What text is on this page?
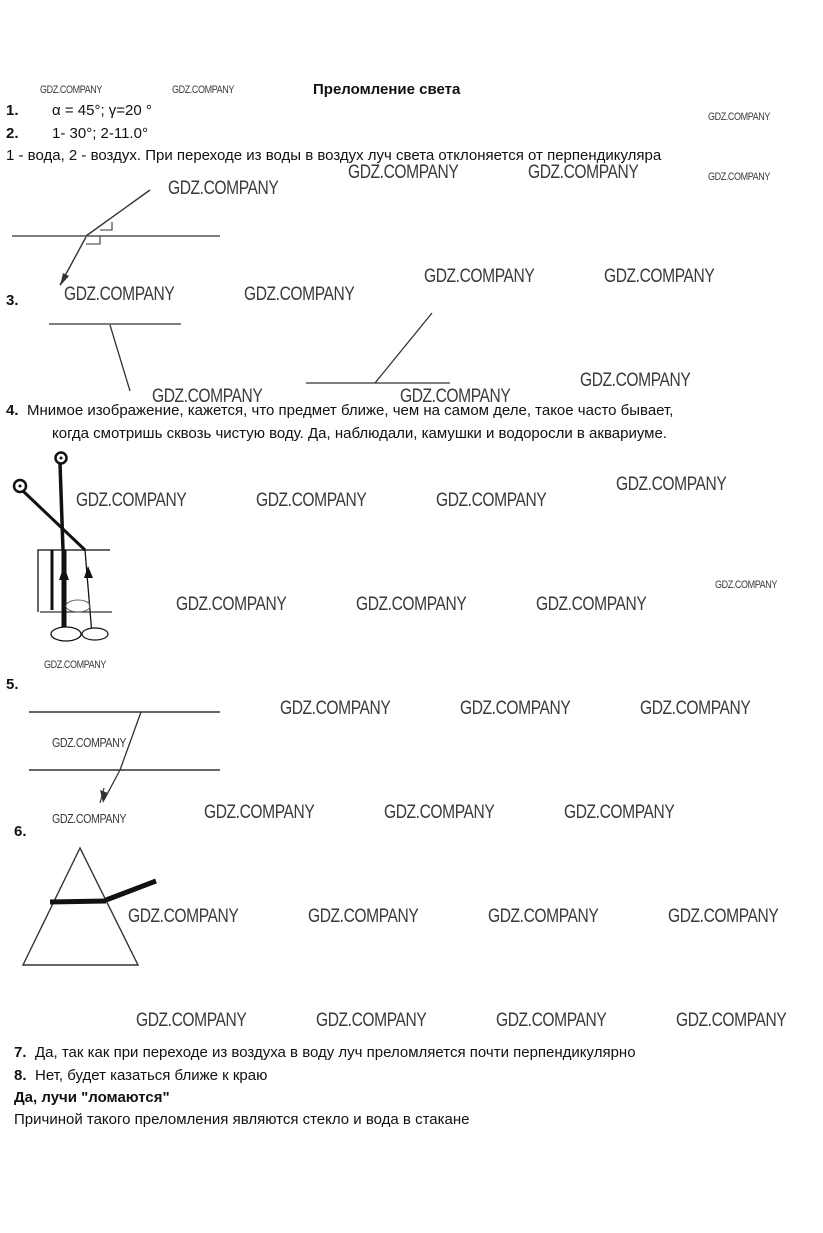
Преломление света
GDZ.COMPANY	GDZ.COMPANY
GDZ.COMPANY
GDZ.COMPANY
GDZ.COMPANY
GDZ.COMPANY	GDZ.COMPANY
GDZ.COMPANY	GDZ.COMPANY
GDZ.COMPANY	GDZ.COMPANY
GDZ.COMPANY	GDZ.COMPANY
GDZ.COMPANY
GDZ.COMPANY	GDZ.COMPANY	GDZ.COMPANY
GDZ.COMPANY
GDZ.COMPANY
GDZ.COMPANY	GDZ.COMPANY	GDZ.COMPANY
GDZ.COMPANY
GDZ.COMPANY	GDZ.COMPANY	GDZ.COMPANY
GDZ.COMPANY
GDZ.COMPANY	GDZ.COMPANY	GDZ.COMPANY
GDZ.COMPANY
GDZ.COMPANY	GDZ.COMPANY	GDZ.COMPANY	GDZ.COMPANY
GDZ.COMPANY	GDZ.COMPANY	GDZ.COMPANY	GDZ.COMPANY
1. α = 45°; γ=20 °
2. 1- 30°; 2-11.0°
1 - вода, 2 - воздух. При переходе из воды в воздух луч света отклоняется от перпендикуляра
3.
4. Мнимое изображение, кажется, что предмет ближе, чем на самом деле, такое часто бывает,
когда смотришь сквозь чистую воду. Да, наблюдали, камушки и водоросли в аквариуме.
5.
6.
7. Да, так как при переходе из воздуха в воду луч преломляется почти перпендикулярно
8. Нет, будет казаться ближе к краю
Да, лучи "ломаются"
Причиной такого преломления являются стекло и вода в стакане
